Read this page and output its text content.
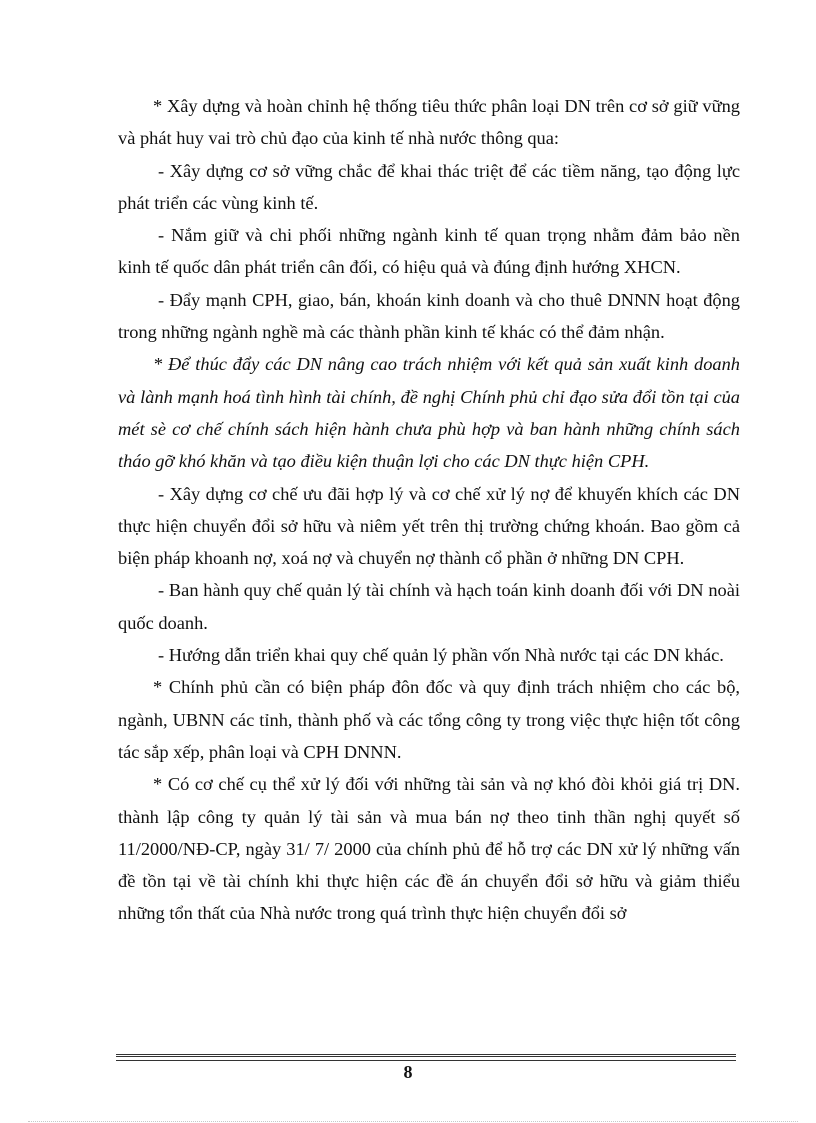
* Xây dựng và hoàn chỉnh hệ thống tiêu thức phân loại DN trên cơ sở giữ vững và phát huy vai trò chủ đạo của kinh tế nhà nước thông qua:

- Xây dựng cơ sở vững chắc để khai thác triệt để các tiềm năng, tạo động lực phát triển các vùng kinh tế.

- Nắm giữ và chi phối những ngành kinh tế quan trọng nhằm đảm bảo nền kinh tế quốc dân phát triển cân đối, có hiệu quả và đúng định hướng XHCN.

- Đẩy mạnh CPH, giao, bán, khoán kinh doanh và cho thuê DNNN hoạt động trong những ngành nghề mà các thành phần kinh tế khác có thể đảm nhận.

* Để thúc đẩy các DN nâng cao trách nhiệm với kết quả sản xuất kinh doanh và lành mạnh hoá tình hình tài chính, đề nghị Chính phủ chỉ đạo sửa đổi tồn tại của mét sè cơ chế chính sách hiện hành chưa phù hợp và ban hành những chính sách tháo gỡ khó khăn và tạo điều kiện thuận lợi cho các DN thực hiện CPH.

- Xây dựng cơ chế ưu đãi hợp lý và cơ chế xử lý nợ để khuyến khích các DN thực hiện chuyển đổi sở hữu và niêm yết trên thị trường chứng khoán. Bao gồm cả biện pháp khoanh nợ, xoá nợ và chuyển nợ thành cổ phần ở những DN CPH.

- Ban hành quy chế quản lý tài chính và hạch toán kinh doanh đối với DN noài quốc doanh.

- Hướng dẫn triển khai quy chế quản lý phần vốn Nhà nước tại các DN khác.

* Chính phủ cần có biện pháp đôn đốc và quy định trách nhiệm cho các bộ, ngành, UBNN các tỉnh, thành phố và các tổng công ty trong việc thực hiện tốt công tác sắp xếp, phân loại và CPH DNNN.

* Có cơ chế cụ thể xử lý đối với những tài sản và nợ khó đòi khỏi giá trị DN. thành lập công ty quản lý tài sản và mua bán nợ theo tinh thần nghị quyết số 11/2000/NĐ-CP, ngày 31/ 7/ 2000 của chính phủ để hỗ trợ các DN xử lý những vấn đề tồn tại về tài chính khi thực hiện các đề án chuyển đổi sở hữu và giảm thiểu những tổn thất của Nhà nước trong quá trình thực hiện chuyển đổi sở

8
